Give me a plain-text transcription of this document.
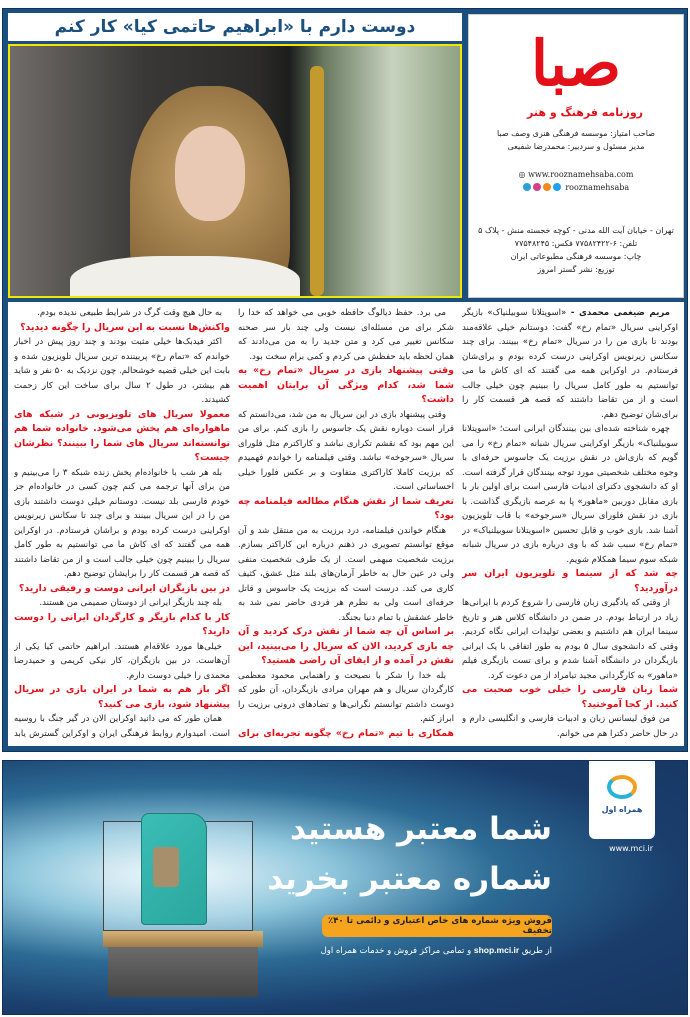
دوست دارم با «ابراهیم حاتمی کیا» کار کنم	صبا
روزنامه فرهنگ و هنر
صاحب امتیاز: موسسه فرهنگی هنری وصف صبا
مدیر مسئول و سردبیر: محمدرضا شفیعی
◎ www.rooznamehsaba.com
rooznamehsaba
تهران - خیابان آیت الله مدنی - کوچه خجسته منش - پلاک ۵
تلفن: ۶-۷۷۵۸۲۴۲۲ فکس: ۷۷۵۴۸۲۴۵
چاپ: موسسه فرهنگی مطبوعاتی ایران
توزیع: نشر گستر امروز
مریم ضیغمی محمدی - «اسویتلانا سوبیلنیاک» بازیگر اوکراینی سریال «تمام رخ» گفت: دوستانم خیلی علاقه‌مند بودند تا بازی من را در سریال «تمام رخ» ببینند. برای چند سکانس زیرنویس اوکراینی درست کرده بودم و برای‌شان فرستادم. در اوکراین همه می گفتند که ای کاش ما می توانستیم به طور کامل سریال را ببینیم چون خیلی جالب است و از من تقاضا داشتند که قصه هر قسمت کار را برای‌شان توضیح دهم.
چهره شناخته شده‌ای بین بینندگان ایرانی است؛ «اسویتلانا سوبیلنیاک» بازیگر اوکراینی سریال شبانه «تمام رخ» را می گویم که بازی‌اش در نقش برزیت یک جاسوس حرفه‌ای با وجوه مختلف شخصیتی مورد توجه بینندگان قرار گرفته است. او که دانشجوی دکترای ادبیات فارسی است برای اولین بار با بازی مقابل دوربین «ماهور» پا به عرصه بازیگری گذاشت. با بازی در نقش فلورای سریال «سرجوخه» با قاب تلویزیون آشنا شد. بازی خوب و قابل تحسین «اسویتلانا سوبیلنیاک» در «تمام رخ» سبب شد که با وی درباره بازی در سریال شبانه شبکه سوم سیما همکلام شویم.
چه شد که از سینما و تلویزیون ایران سر درآوردید؟
از وقتی که یادگیری زبان فارسی را شروع کردم با ایرانی‌ها زیاد در ارتباط بودم. در ضمن در دانشگاه کلاس هنر و تاریخ سینما ایران هم داشتیم و بعضی تولیدات ایرانی نگاه کردیم. وقتی که دانشجوی سال ۵ بودم به طور اتفاقی با یک ایرانی بازیگردان در دانشگاه آشنا شدم و برای تست بازیگری فیلم «ماهور» به کارگردانی مجید تبامراد از من دعوت کرد.
شما زبان فارسی را خیلی خوب صحبت می کنید. از کجا آموختید؟
من فوق لیسانس زبان و ادبیات فارسی و انگلیسی دارم و در حال حاضر دکترا هم می خوانم.
می برد. حفظ دیالوگ حافظه خوبی می خواهد که خدا را شکر برای من مسئله‌ای نیست ولی چند بار سر صحنه سکانس تغییر می کرد و متن جدید را به من می‌دادند که همان لحظه باید حفظش می کردم و کمی برام سخت بود.
وقتی پیشنهاد بازی در سریال «تمام رخ» به شما شد، کدام ویژگی آن برایتان اهمیت داشت؟
وقتی پیشنهاد بازی در این سریال به من شد، می‌دانستم که قرار است دوباره نقش یک جاسوس را بازی کنم. برای من این مهم بود که نقشم تکراری نباشد و کاراکترم مثل فلورای سریال «سرجوخه» نباشد. وقتی فیلمنامه را خواندم فهمیدم که برزیت کاملا کاراکتری متفاوت و بر عکس فلورا خیلی احساساتی است.
تعریف شما از نقش هنگام مطالعه فیلمنامه چه بود؟
هنگام خواندن فیلمنامه، درد برزیت به من منتقل شد و آن موقع توانستم تصویری در ذهنم درباره این کاراکتر بسازم. برزیت شخصیت مبهمی است. از یک طرف شخصیت منفی ولی در عین حال به خاطر آرمان‌های بلند مثل عشق، کثیف کاری می کند. درست است که برزیت یک جاسوس و قاتل حرفه‌ای است ولی به نظرم هر فردی حاضر نمی شد به خاطر عشقش با تمام دنیا بجنگد.
بر اساس آن چه شما از نقش درک کردید و آن چه بازی کردید، الان که سریال را می‌بینید، این نقش در آمده و از ایفای آن راضی هستید؟
بله خدا را شکر با نصیحت و راهنمایی محمود معظمی کارگردان سریال و هم مهران مرادی بازیگردان، آن طور که دوست داشتم توانستم نگرانی‌ها و تضادهای درونی برزیت را ابراز کنم.
همکاری با تیم «تمام رخ» چگونه تجربه‌ای برای
به حال هیچ وقت گرگ در شرایط طبیعی ندیده بودم.
واکنش‌ها نسبت به این سریال را چگونه دیدید؟
اکثر فیدبک‌ها خیلی مثبت بودند و چند روز پیش در اخبار خواندم که «تمام رخ» پربیننده ترین سریال تلویزیون شده و بابت این خیلی قضیه خوشحالم. چون نزدیک به ۵۰ نفر و شاید هم بیشتر، در طول ۲ سال برای ساخت این کار زحمت کشیدند.
معمولا سریال های تلویزیونی در شبکه های ماهواره‌ای هم پخش می‌شود. خانواده شما هم توانسته‌اند سریال های شما را ببینند؟ نظرشان چیست؟
بله هر شب با خانواده‌ام پخش زنده شبکه ۳ را می‌بینیم و من برای آنها ترجمه می کنم چون کسی در خانواده‌ام جز خودم فارسی بلد نیست. دوستانم خیلی دوست داشتند بازی من را در این سریال ببینند و برای چند تا سکانس زیرنویس اوکراینی درست کرده بودم و براشان فرستادم. در اوکراین همه می گفتند که ای کاش ما می توانستیم به طور کامل سریال را ببینیم چون خیلی جالب است و از من تقاضا داشتند که قصه هر قسمت کار را برایشان توضیح دهم.
در بین بازیگران ایرانی دوست و رفیقی دارید؟
بله چند بازیگر ایرانی از دوستان صمیمی من هستند.
کار با کدام بازیگر و کارگردان ایرانی را دوست دارید؟
خیلی‌ها مورد علاقه‌ام هستند. ابراهیم حاتمی کیا یکی از آن‌هاست. در بین بازیگران، کار نیکی کریمی و حمیدرضا محمدی را خیلی دوست دارم.
اگر باز هم به شما در ایران بازی در سریال پیشنهاد شود، بازی می کنید؟
همان طور که می دانید اوکراین الان در گیر جنگ با روسیه است. امیدوارم روابط فرهنگی ایران و اوکراین گسترش یابد
همراه اول
www.mci.ir
شما معتبر هستید
شماره معتبر بخرید
فروش ویژه شماره های خاص اعتباری و دائمی تا ۴۰٪ تخفیف
از طریق shop.mci.ir و تمامی مراکز فروش و خدمات همراه اول
